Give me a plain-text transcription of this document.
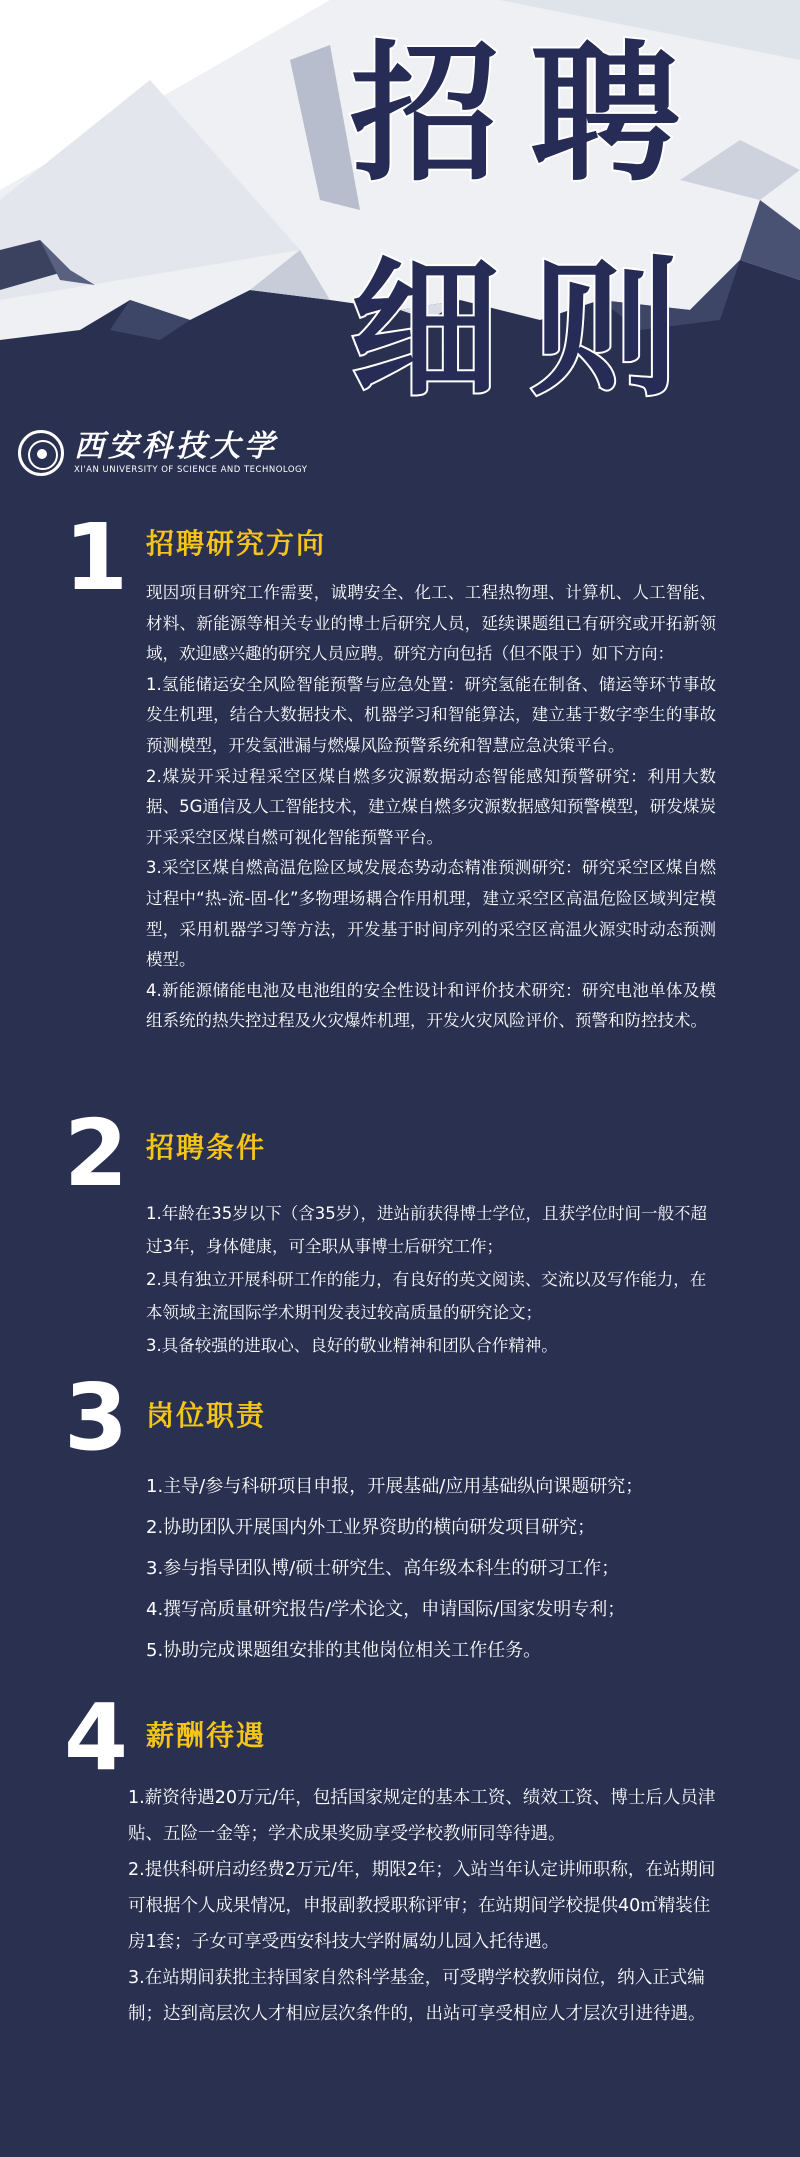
招聘
细则
西安科技大学
XI'AN UNIVERSITY OF SCIENCE AND TECHNOLOGY
1 招聘研究方向

现因项目研究工作需要，诚聘安全、化工、工程热物理、计算机、人工智能、材料、新能源等相关专业的博士后研究人员，延续课题组已有研究或开拓新领域，欢迎感兴趣的研究人员应聘。研究方向包括（但不限于）如下方向：

1.氢能储运安全风险智能预警与应急处置：研究氢能在制备、储运等环节事故发生机理，结合大数据技术、机器学习和智能算法，建立基于数字孪生的事故预测模型，开发氢泄漏与燃爆风险预警系统和智慧应急决策平台。

2.煤炭开采过程采空区煤自燃多灾源数据动态智能感知预警研究：利用大数据、5G通信及人工智能技术，建立煤自燃多灾源数据感知预警模型，研发煤炭开采采空区煤自燃可视化智能预警平台。

3.采空区煤自燃高温危险区域发展态势动态精准预测研究：研究采空区煤自燃过程中“热-流-固-化”多物理场耦合作用机理，建立采空区高温危险区域判定模型，采用机器学习等方法，开发基于时间序列的采空区高温火源实时动态预测模型。

4.新能源储能电池及电池组的安全性设计和评价技术研究：研究电池单体及模组系统的热失控过程及火灾爆炸机理，开发火灾风险评价、预警和防控技术。

2 招聘条件

1.年龄在35岁以下（含35岁），进站前获得博士学位，且获学位时间一般不超过3年，身体健康，可全职从事博士后研究工作；

2.具有独立开展科研工作的能力，有良好的英文阅读、交流以及写作能力，在本领域主流国际学术期刊发表过较高质量的研究论文；

3.具备较强的进取心、良好的敬业精神和团队合作精神。

3 岗位职责

1.主导/参与科研项目申报，开展基础/应用基础纵向课题研究；

2.协助团队开展国内外工业界资助的横向研发项目研究；

3.参与指导团队博/硕士研究生、高年级本科生的研习工作；

4.撰写高质量研究报告/学术论文，申请国际/国家发明专利；

5.协助完成课题组安排的其他岗位相关工作任务。

4 薪酬待遇

1.薪资待遇20万元/年，包括国家规定的基本工资、绩效工资、博士后人员津贴、五险一金等；学术成果奖励享受学校教师同等待遇。

2.提供科研启动经费2万元/年，期限2年；入站当年认定讲师职称，在站期间可根据个人成果情况，申报副教授职称评审；在站期间学校提供40㎡精装住房1套；子女可享受西安科技大学附属幼儿园入托待遇。

3.在站期间获批主持国家自然科学基金，可受聘学校教师岗位，纳入正式编制；达到高层次人才相应层次条件的，出站可享受相应人才层次引进待遇。
